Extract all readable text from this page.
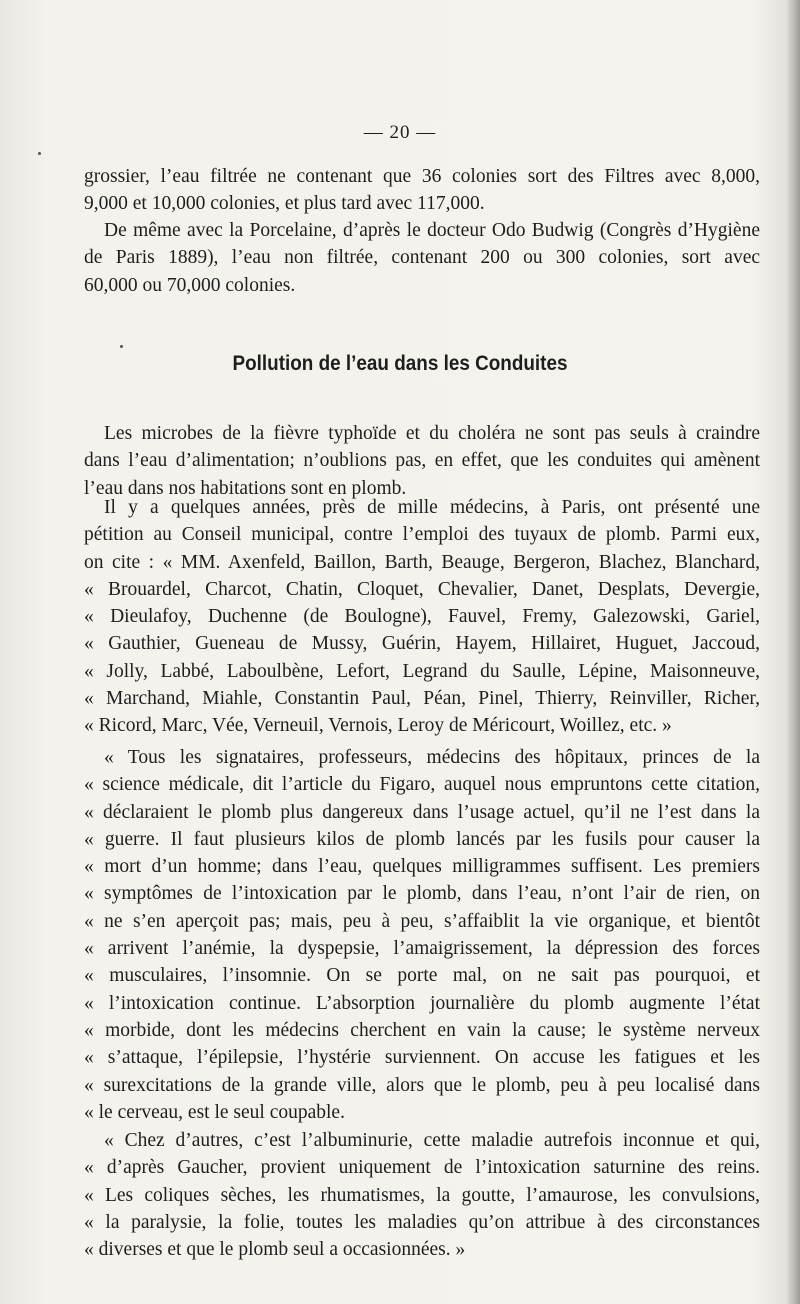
— 20 —
grossier, l’eau filtrée ne contenant que 36 colonies sort des Filtres avec 8,000,
9,000 et 10,000 colonies, et plus tard avec 117,000.
De même avec la Porcelaine, d’après le docteur Odo Budwig (Congrès d’Hygiène
de Paris 1889), l’eau non filtrée, contenant 200 ou 300 colonies, sort avec
60,000 ou 70,000 colonies.
Pollution de l’eau dans les Conduites
Les microbes de la fièvre typhoïde et du choléra ne sont pas seuls à craindre
dans l’eau d’alimentation; n’oublions pas, en effet, que les conduites qui amènent
l’eau dans nos habitations sont en plomb.
Il y a quelques années, près de mille médecins, à Paris, ont présenté une
pétition au Conseil municipal, contre l’emploi des tuyaux de plomb. Parmi eux,
on cite : « MM. Axenfeld, Baillon, Barth, Beauge, Bergeron, Blachez, Blanchard,
« Brouardel, Charcot, Chatin, Cloquet, Chevalier, Danet, Desplats, Devergie,
« Dieulafoy, Duchenne (de Boulogne), Fauvel, Fremy, Galezowski, Gariel,
« Gauthier, Gueneau de Mussy, Guérin, Hayem, Hillairet, Huguet, Jaccoud,
« Jolly, Labbé, Laboulbène, Lefort, Legrand du Saulle, Lépine, Maisonneuve,
« Marchand, Miahle, Constantin Paul, Péan, Pinel, Thierry, Reinviller, Richer,
« Ricord, Marc, Vée, Verneuil, Vernois, Leroy de Méricourt, Woillez, etc. »
« Tous les signataires, professeurs, médecins des hôpitaux, princes de la
« science médicale, dit l’article du Figaro, auquel nous empruntons cette citation,
« déclaraient le plomb plus dangereux dans l’usage actuel, qu’il ne l’est dans la
« guerre. Il faut plusieurs kilos de plomb lancés par les fusils pour causer la
« mort d’un homme; dans l’eau, quelques milligrammes suffisent. Les premiers
« symptômes de l’intoxication par le plomb, dans l’eau, n’ont l’air de rien, on
« ne s’en aperçoit pas; mais, peu à peu, s’affaiblit la vie organique, et bientôt
« arrivent l’anémie, la dyspepsie, l’amaigrissement, la dépression des forces
« musculaires, l’insomnie. On se porte mal, on ne sait pas pourquoi, et
« l’intoxication continue. L’absorption journalière du plomb augmente l’état
« morbide, dont les médecins cherchent en vain la cause; le système nerveux
« s’attaque, l’épilepsie, l’hystérie surviennent. On accuse les fatigues et les
« surexcitations de la grande ville, alors que le plomb, peu à peu localisé dans
« le cerveau, est le seul coupable.
« Chez d’autres, c’est l’albuminurie, cette maladie autrefois inconnue et qui,
« d’après Gaucher, provient uniquement de l’intoxication saturnine des reins.
« Les coliques sèches, les rhumatismes, la goutte, l’amaurose, les convulsions,
« la paralysie, la folie, toutes les maladies qu’on attribue à des circonstances
« diverses et que le plomb seul a occasionnées. »
